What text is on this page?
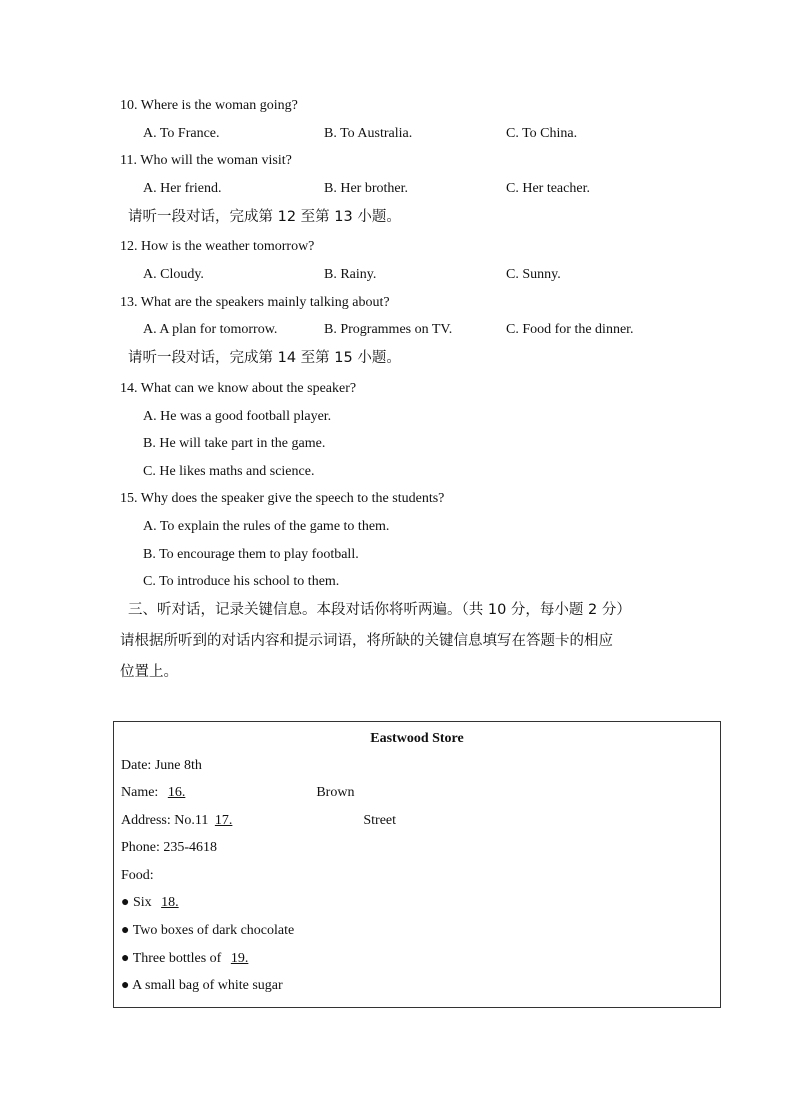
10. Where is the woman going?
A. To France.	B. To Australia.	C. To China.
11. Who will the woman visit?
A. Her friend.	B. Her brother.	C. Her teacher.
请听一段对话，完成第 12 至第 13 小题。
12. How is the weather tomorrow?
A. Cloudy.	B. Rainy.	C. Sunny.
13. What are the speakers mainly talking about?
A. A plan for tomorrow.	B. Programmes on TV.	C. Food for the dinner.
请听一段对话，完成第 14 至第 15 小题。
14. What can we know about the speaker?
A. He was a good football player.
B. He will take part in the game.
C. He likes maths and science.
15. Why does the speaker give the speech to the students?
A. To explain the rules of the game to them.
B. To encourage them to play football.
C. To introduce his school to them.
三、听对话，记录关键信息。本段对话你将听两遍。（共 10 分，每小题 2 分）
请根据所听到的对话内容和提示词语，将所缺的关键信息填写在答题卡的相应
位置上。
Eastwood Store
Date: June 8th
Name: 16.	Brown
Address: No.11 17.	Street
Phone: 235-4618
Food:
● Six 18.
● Two boxes of dark chocolate
● Three bottles of 19.
● A small bag of white sugar
